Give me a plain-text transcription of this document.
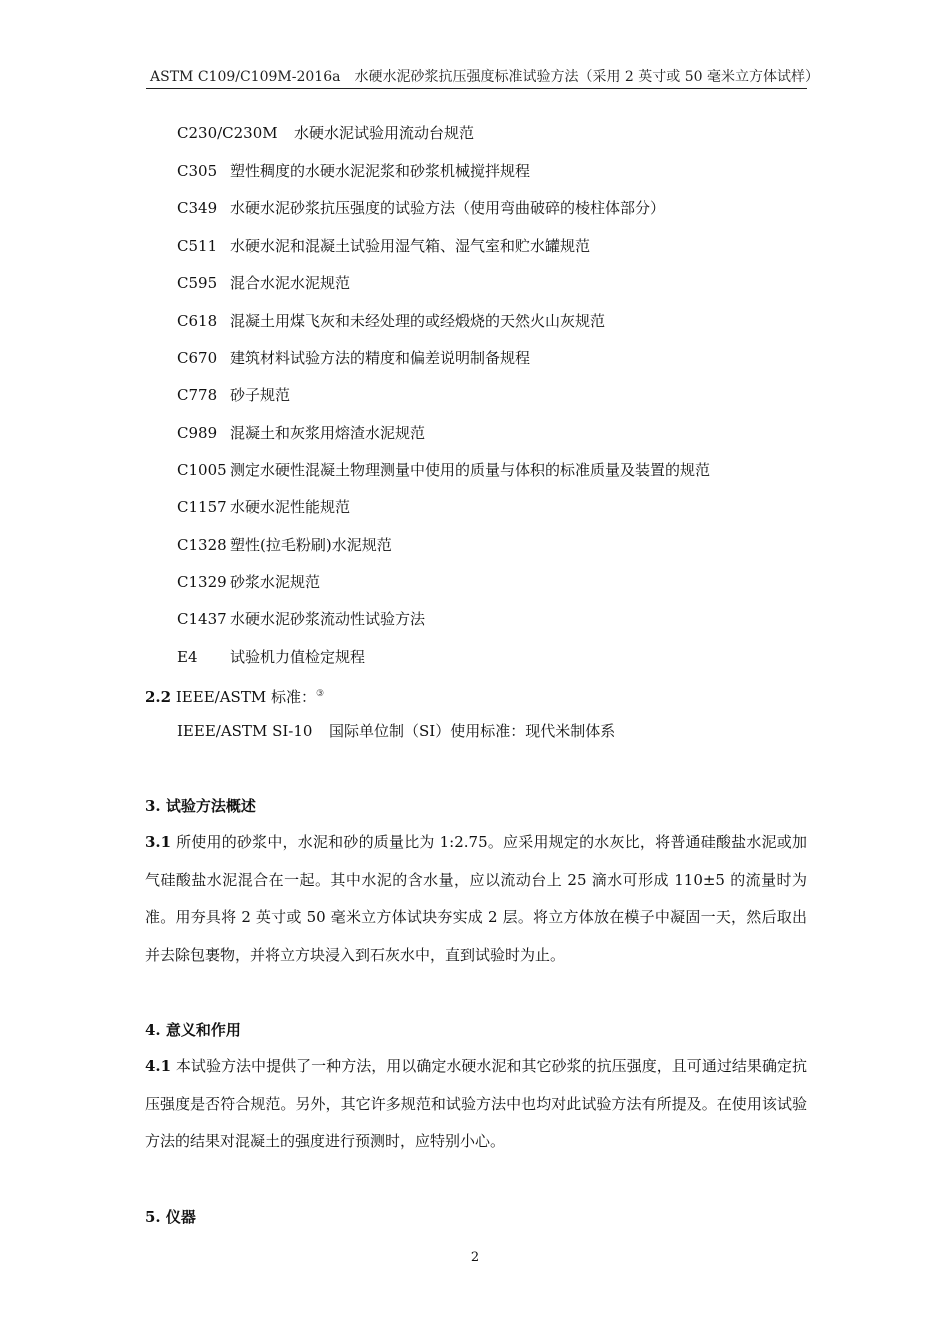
ASTM C109/C109M-2016a　水硬水泥砂浆抗压强度标准试验方法（采用 2 英寸或 50 毫米立方体试样）
C230/C230M 水硬水泥试验用流动台规范
C305 塑性稠度的水硬水泥泥浆和砂浆机械搅拌规程
C349 水硬水泥砂浆抗压强度的试验方法（使用弯曲破碎的棱柱体部分）
C511 水硬水泥和混凝土试验用湿气箱、湿气室和贮水罐规范
C595 混合水泥水泥规范
C618 混凝土用煤飞灰和未经处理的或经煅烧的天然火山灰规范
C670 建筑材料试验方法的精度和偏差说明制备规程
C778 砂子规范
C989 混凝土和灰浆用熔渣水泥规范
C1005 测定水硬性混凝土物理测量中使用的质量与体积的标准质量及装置的规范
C1157 水硬水泥性能规范
C1328 塑性(拉毛粉刷)水泥规范
C1329 砂浆水泥规范
C1437 水硬水泥砂浆流动性试验方法
E4 试验机力值检定规程
2.2 IEEE/ASTM 标准：③
IEEE/ASTM SI-10 国际单位制（SI）使用标准：现代米制体系
3. 试验方法概述
3.1 所使用的砂浆中，水泥和砂的质量比为 1:2.75。应采用规定的水灰比，将普通硅酸盐水泥或加气硅酸盐水泥混合在一起。其中水泥的含水量，应以流动台上 25 滴水可形成 110±5 的流量时为准。用夯具将 2 英寸或 50 毫米立方体试块夯实成 2 层。将立方体放在模子中凝固一天，然后取出并去除包裹物，并将立方块浸入到石灰水中，直到试验时为止。
4. 意义和作用
4.1 本试验方法中提供了一种方法，用以确定水硬水泥和其它砂浆的抗压强度，且可通过结果确定抗压强度是否符合规范。另外，其它许多规范和试验方法中也均对此试验方法有所提及。在使用该试验方法的结果对混凝土的强度进行预测时，应特别小心。
5. 仪器
2
